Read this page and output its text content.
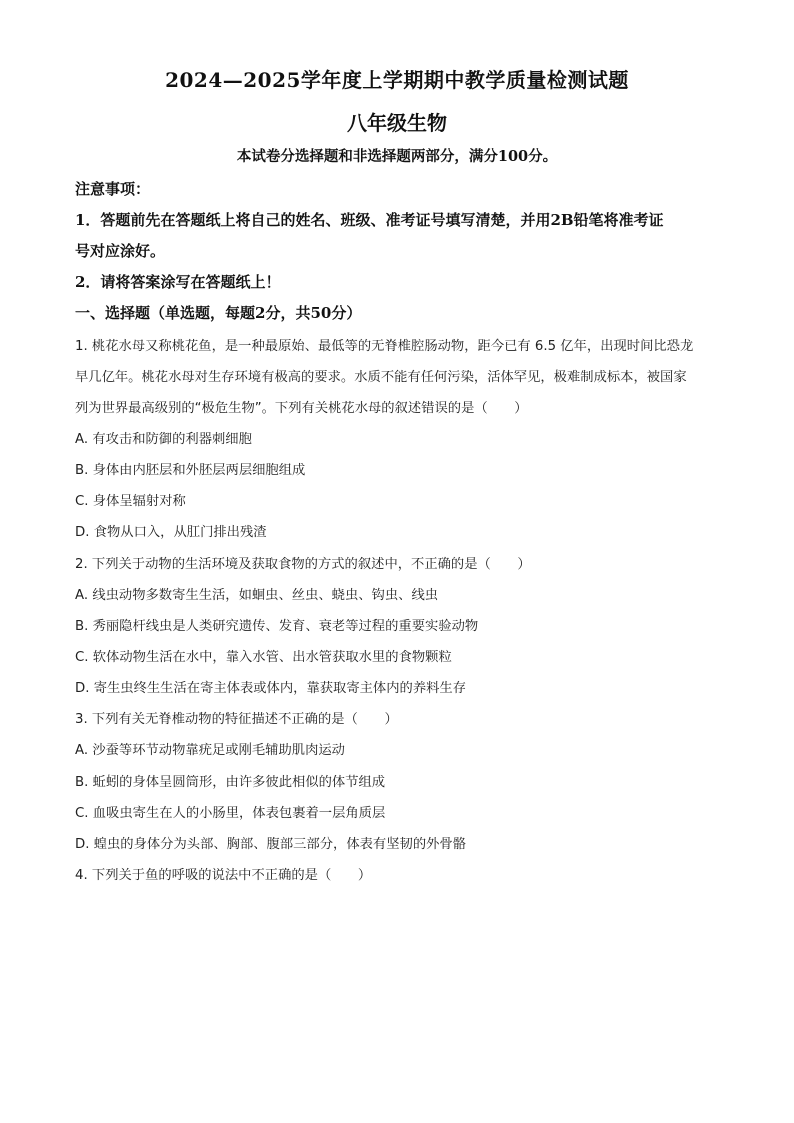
2024—2025学年度上学期期中教学质量检测试题
八年级生物
本试卷分选择题和非选择题两部分，满分100分。
注意事项：
1．答题前先在答题纸上将自己的姓名、班级、准考证号填写清楚，并用2B铅笔将准考证
号对应涂好。
2．请将答案涂写在答题纸上！
一、选择题（单选题，每题2分，共50分）
1. 桃花水母又称桃花鱼，是一种最原始、最低等的无脊椎腔肠动物，距今已有 6.5 亿年，出现时间比恐龙
早几亿年。桃花水母对生存环境有极高的要求。水质不能有任何污染，活体罕见，极难制成标本，被国家
列为世界最高级别的“极危生物”。下列有关桃花水母的叙述错误的是（　　）
A. 有攻击和防御的利器刺细胞
B. 身体由内胚层和外胚层两层细胞组成
C. 身体呈辐射对称
D. 食物从口入，从肛门排出残渣
2. 下列关于动物的生活环境及获取食物的方式的叙述中，不正确的是（　　）
A. 线虫动物多数寄生生活，如蛔虫、丝虫、蛲虫、钩虫、线虫
B. 秀丽隐杆线虫是人类研究遗传、发育、衰老等过程的重要实验动物
C. 软体动物生活在水中，靠入水管、出水管获取水里的食物颗粒
D. 寄生虫终生生活在寄主体表或体内，靠获取寄主体内的养料生存
3. 下列有关无脊椎动物的特征描述不正确的是（　　）
A. 沙蚕等环节动物靠疣足或刚毛辅助肌肉运动
B. 蚯蚓的身体呈圆筒形，由许多彼此相似的体节组成
C. 血吸虫寄生在人的小肠里，体表包裹着一层角质层
D. 蝗虫的身体分为头部、胸部、腹部三部分，体表有坚韧的外骨骼
4. 下列关于鱼的呼吸的说法中不正确的是（　　）
